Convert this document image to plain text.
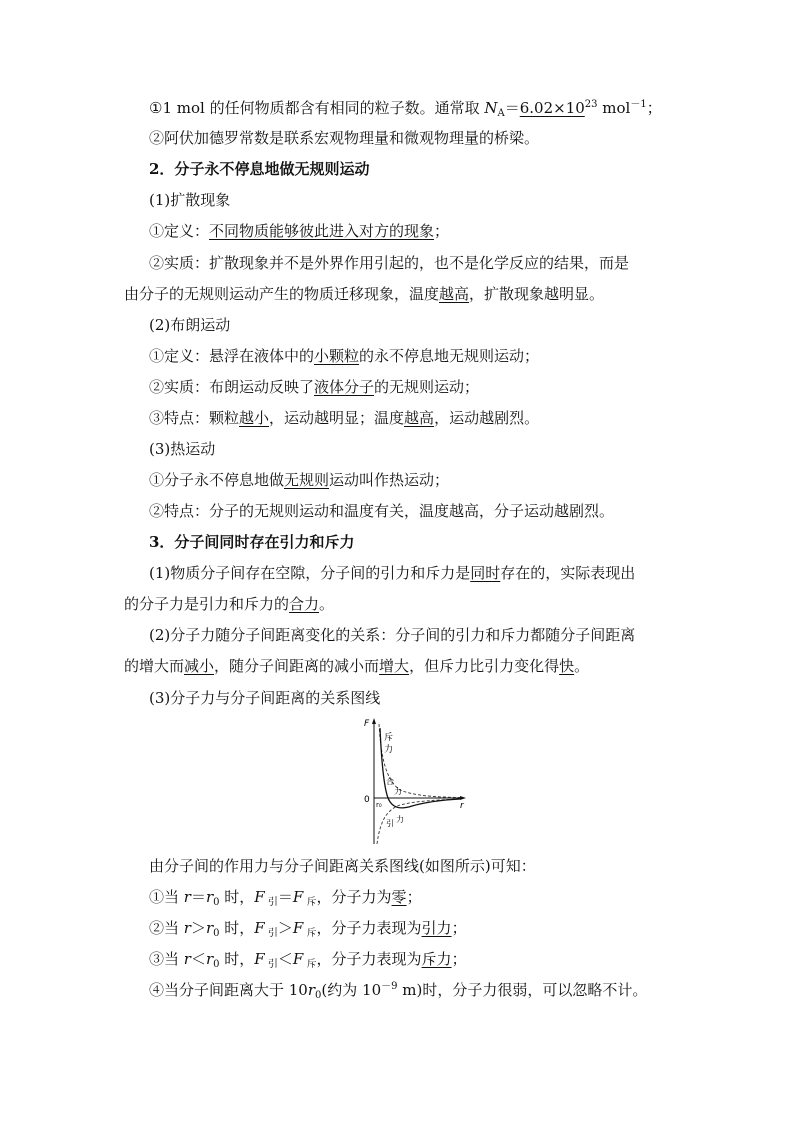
①1 mol 的任何物质都含有相同的粒子数。通常取 $N_A=6.02\times 10^{23}$ mol$^{-1}$；
②阿伏加德罗常数是联系宏观物理量和微观物理量的桥梁。
2．分子永不停息地做无规则运动
(1)扩散现象
①定义：不同物质能够彼此进入对方的现象；
②实质：扩散现象并不是外界作用引起的，也不是化学反应的结果，而是
由分子的无规则运动产生的物质迁移现象，温度越高，扩散现象越明显。
(2)布朗运动
①定义：悬浮在液体中的小颗粒的永不停息地无规则运动；
②实质：布朗运动反映了液体分子的无规则运动；
③特点：颗粒越小，运动越明显；温度越高，运动越剧烈。
(3)热运动
①分子永不停息地做无规则运动叫作热运动；
②特点：分子的无规则运动和温度有关，温度越高，分子运动越剧烈。
3．分子间同时存在引力和斥力
(1)物质分子间存在空隙，分子间的引力和斥力是同时存在的，实际表现出
的分子力是引力和斥力的合力。
(2)分子力随分子间距离变化的关系：分子间的引力和斥力都随分子间距离
的增大而减小，随分子间距离的减小而增大，但斥力比引力变化得快。
(3)分子力与分子间距离的关系图线
F
r
0 r₀
斥
力
合
力
引 力
由分子间的作用力与分子间距离关系图线(如图所示)可知：
①当 $r=r_0$ 时，F $_引$＝F $_斥$，分子力为零；
②当 $r>r_0$ 时，F $_引$＞F $_斥$，分子力表现为引力；
③当 $r<r_0$ 时，F $_引$＜F $_斥$，分子力表现为斥力；
④当分子间距离大于 $10r_0$(约为 $10^{-9}$ m)时，分子力很弱，可以忽略不计。
